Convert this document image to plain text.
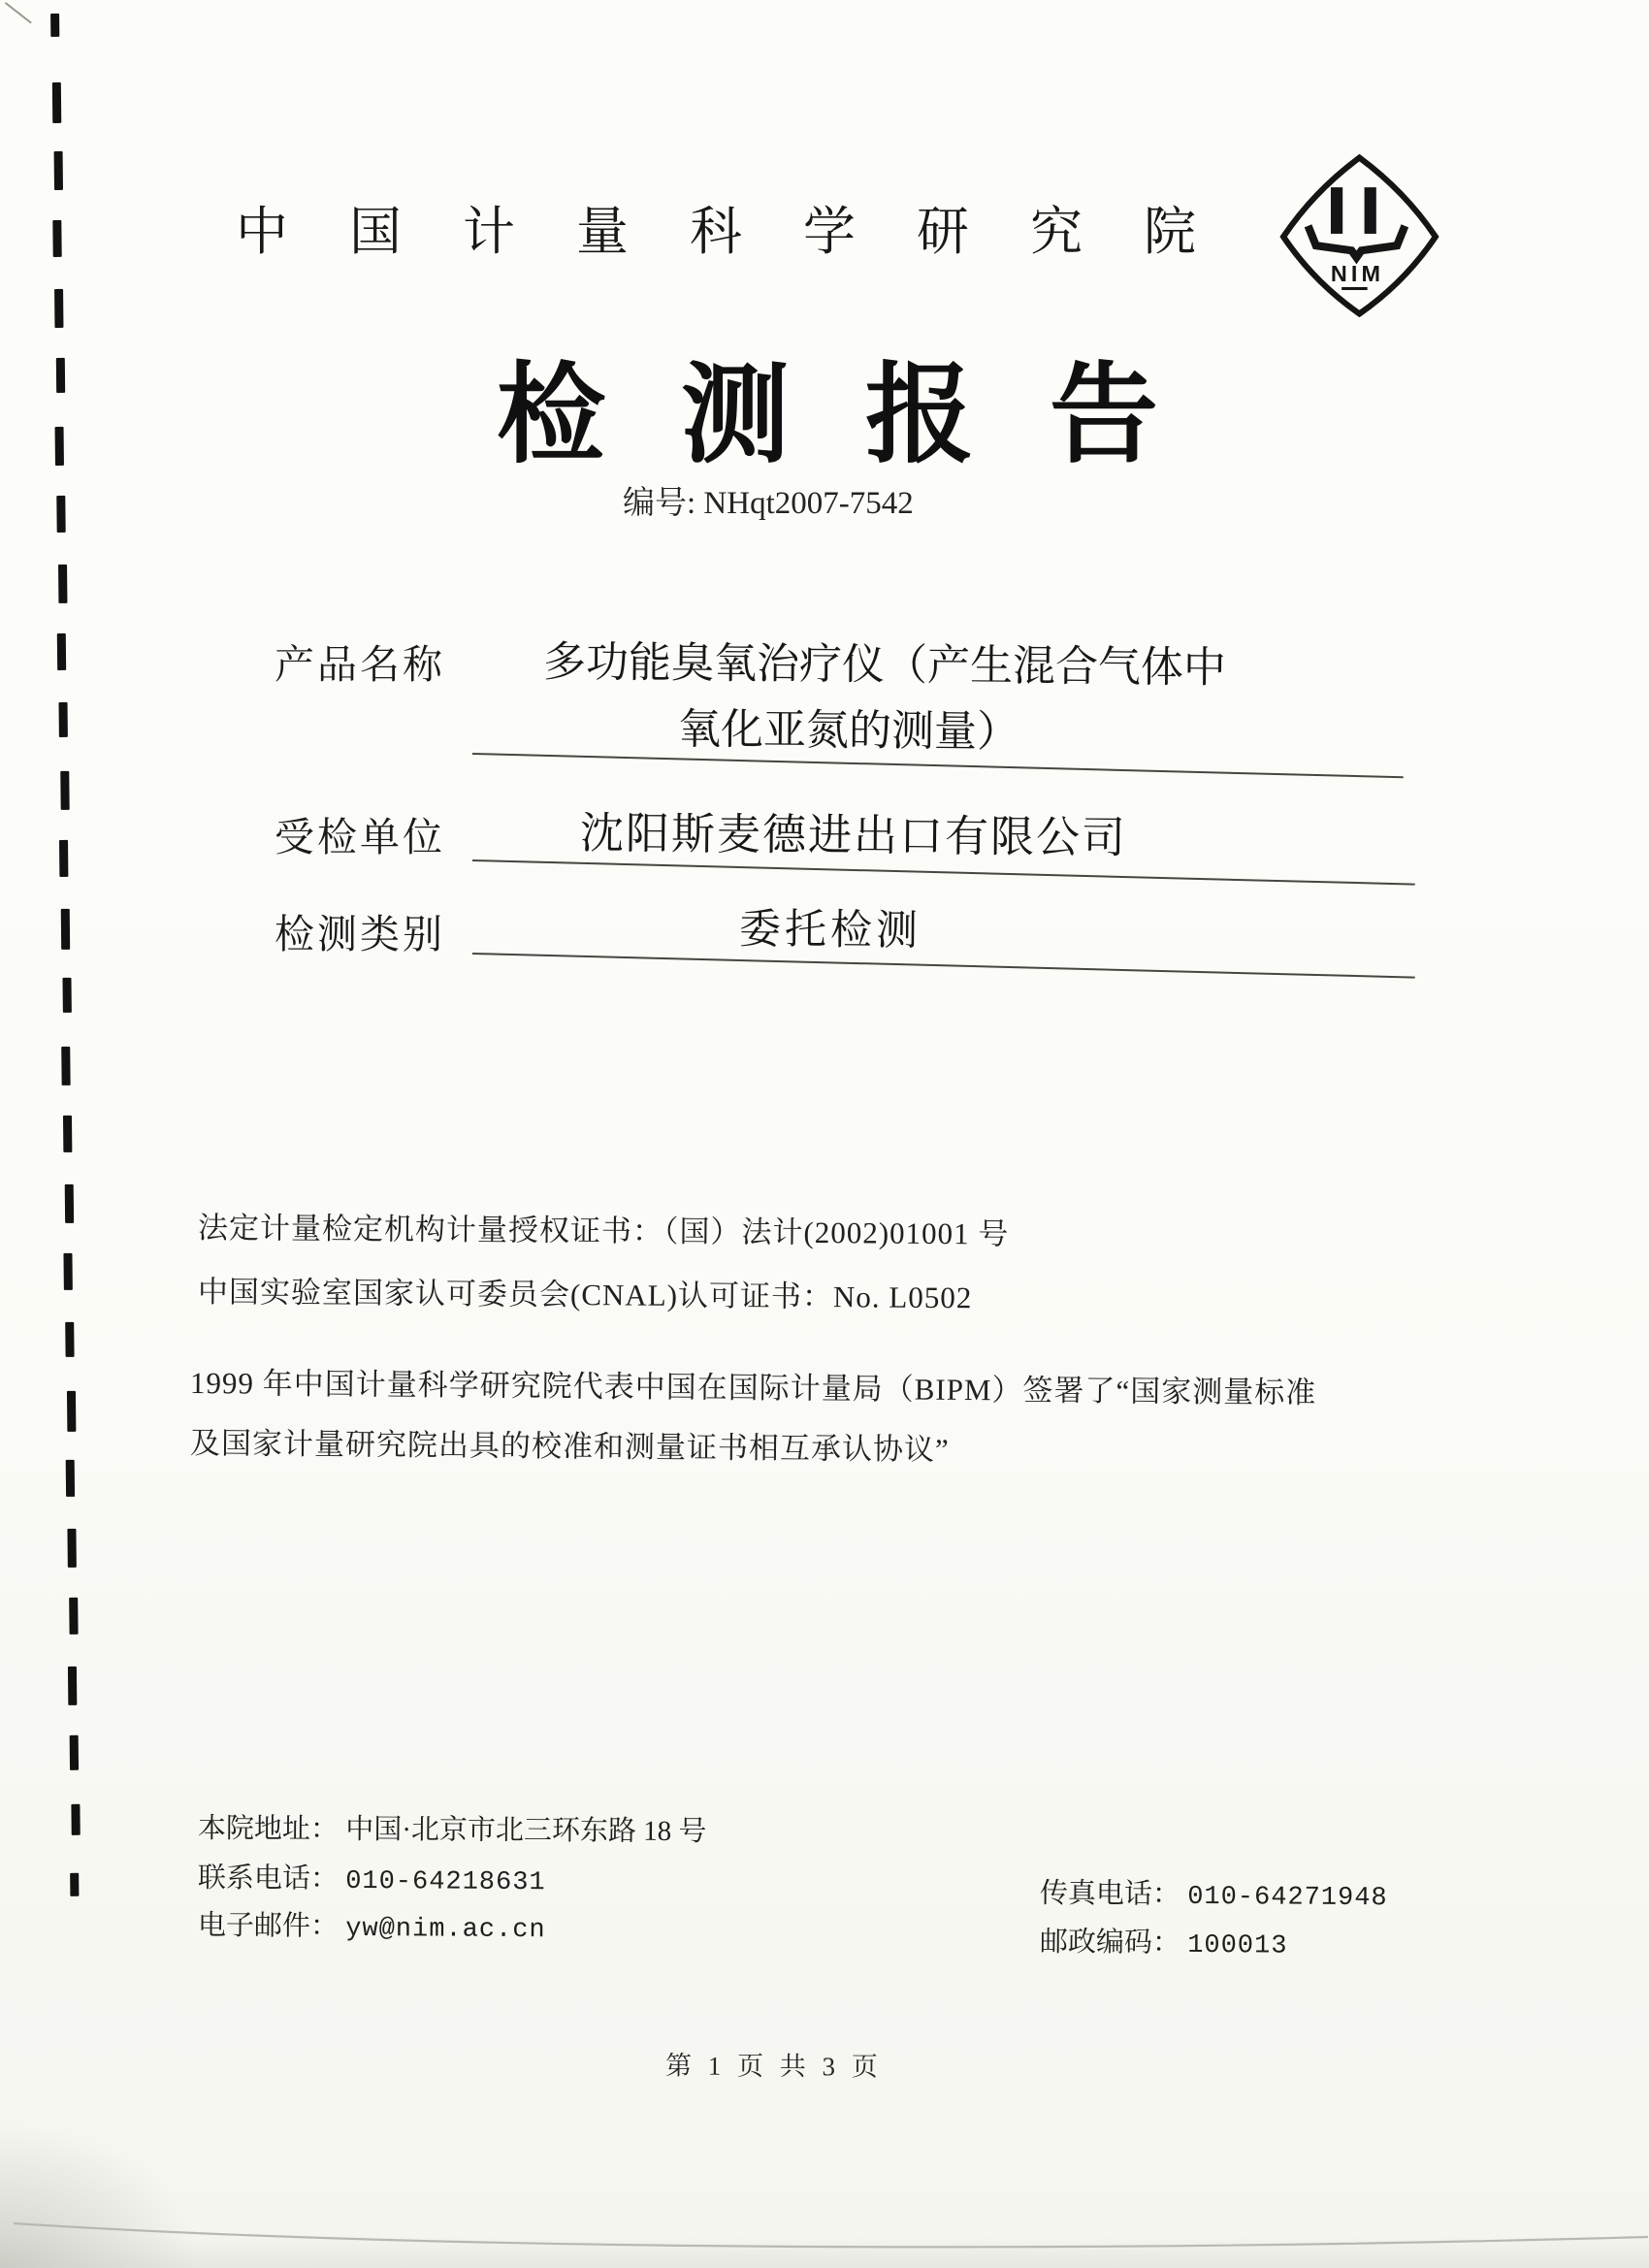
中国计量科学研究院
NIM
检测报告
编号: NHqt2007-7542
产品名称 多功能臭氧治疗仪（产生混合气体中
氧化亚氮的测量）
受检单位	沈阳斯麦德进出口有限公司
检测类别	委托检测
法定计量检定机构计量授权证书：（国）法计(2002)01001 号
中国实验室国家认可委员会(CNAL)认可证书：No. L0502
1999 年中国计量科学研究院代表中国在国际计量局（BIPM）签署了“国家测量标准
及国家计量研究院出具的校准和测量证书相互承认协议”
本院地址： 中国·北京市北三环东路 18 号
联系电话： 010-64218631
电子邮件： yw@nim.ac.cn
传真电话： 010-64271948
邮政编码： 100013
第 1 页 共 3 页
